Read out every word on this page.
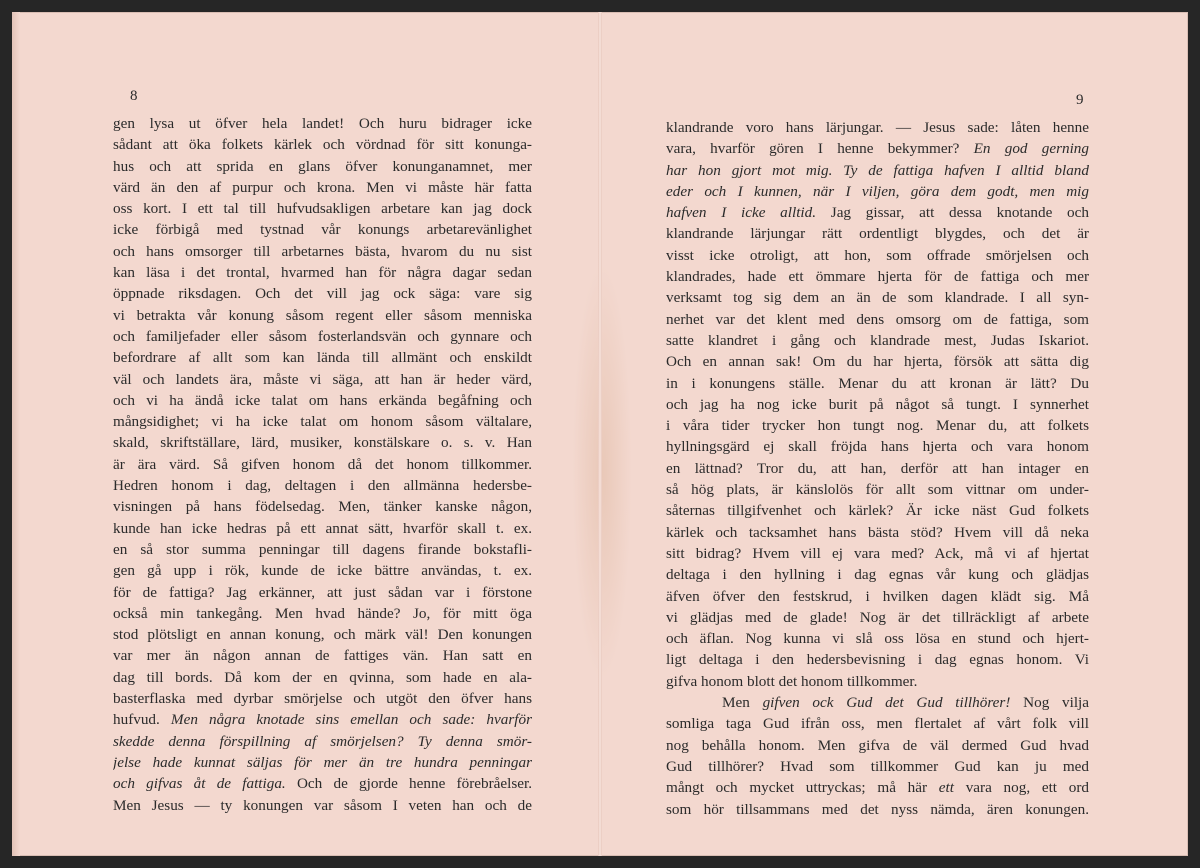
8
gen lysa ut öfver hela landet! Och huru bidrager icke
sådant att öka folkets kärlek och vördnad för sitt konunga-
hus och att sprida en glans öfver konunganamnet, mer
värd än den af purpur och krona. Men vi måste här fatta
oss kort. I ett tal till hufvudsakligen arbetare kan jag dock
icke förbigå med tystnad vår konungs arbetarevänlighet
och hans omsorger till arbetarnes bästa, hvarom du nu sist
kan läsa i det trontal, hvarmed han för några dagar sedan
öppnade riksdagen. Och det vill jag ock säga: vare sig
vi betrakta vår konung såsom regent eller såsom menniska
och familjefader eller såsom fosterlandsvän och gynnare och
befordrare af allt som kan lända till allmänt och enskildt
väl och landets ära, måste vi säga, att han är heder värd,
och vi ha ändå icke talat om hans erkända begåfning och
mångsidighet; vi ha icke talat om honom såsom vältalare,
skald, skriftställare, lärd, musiker, konstälskare o. s. v. Han
är ära värd. Så gifven honom då det honom tillkommer.
Hedren honom i dag, deltagen i den allmänna hedersbe-
visningen på hans födelsedag. Men, tänker kanske någon,
kunde han icke hedras på ett annat sätt, hvarför skall t. ex.
en så stor summa penningar till dagens firande bokstafli-
gen gå upp i rök, kunde de icke bättre användas, t. ex.
för de fattiga? Jag erkänner, att just sådan var i förstone
också min tankegång. Men hvad hände? Jo, för mitt öga
stod plötsligt en annan konung, och märk väl! Den konungen
var mer än någon annan de fattiges vän. Han satt en
dag till bords. Då kom der en qvinna, som hade en ala-
basterflaska med dyrbar smörjelse och utgöt den öfver hans
hufvud. Men några knotade sins emellan och sade: hvarför
skedde denna förspillning af smörjelsen? Ty denna smör-
jelse hade kunnat säljas för mer än tre hundra penningar
och gifvas åt de fattiga. Och de gjorde henne förebråelser.
Men Jesus — ty konungen var såsom I veten han och de
9
klandrande voro hans lärjungar. — Jesus sade: låten henne
vara, hvarför gören I henne bekymmer? En god gerning
har hon gjort mot mig. Ty de fattiga hafven I alltid bland
eder och I kunnen, när I viljen, göra dem godt, men mig
hafven I icke alltid. Jag gissar, att dessa knotande och
klandrande lärjungar rätt ordentligt blygdes, och det är
visst icke otroligt, att hon, som offrade smörjelsen och
klandrades, hade ett ömmare hjerta för de fattiga och mer
verksamt tog sig dem an än de som klandrade. I all syn-
nerhet var det klent med dens omsorg om de fattiga, som
satte klandret i gång och klandrade mest, Judas Iskariot.
Och en annan sak! Om du har hjerta, försök att sätta dig
in i konungens ställe. Menar du att kronan är lätt? Du
och jag ha nog icke burit på något så tungt. I synnerhet
i våra tider trycker hon tungt nog. Menar du, att folkets
hyllningsgärd ej skall fröjda hans hjerta och vara honom
en lättnad? Tror du, att han, derför att han intager en
så hög plats, är känslolös för allt som vittnar om under-
såternas tillgifvenhet och kärlek? Är icke näst Gud folkets
kärlek och tacksamhet hans bästa stöd? Hvem vill då neka
sitt bidrag? Hvem vill ej vara med? Ack, må vi af hjertat
deltaga i den hyllning i dag egnas vår kung och glädjas
äfven öfver den festskrud, i hvilken dagen klädt sig. Må
vi glädjas med de glade! Nog är det tillräckligt af arbete
och äflan. Nog kunna vi slå oss lösa en stund och hjert-
ligt deltaga i den hedersbevisning i dag egnas honom. Vi
gifva honom blott det honom tillkommer.
Men gifven ock Gud det Gud tillhörer! Nog vilja
somliga taga Gud ifrån oss, men flertalet af vårt folk vill
nog behålla honom. Men gifva de väl dermed Gud hvad
Gud tillhörer? Hvad som tillkommer Gud kan ju med
mångt och mycket uttryckas; må här ett vara nog, ett ord
som hör tillsammans med det nyss nämda, ären konungen.
